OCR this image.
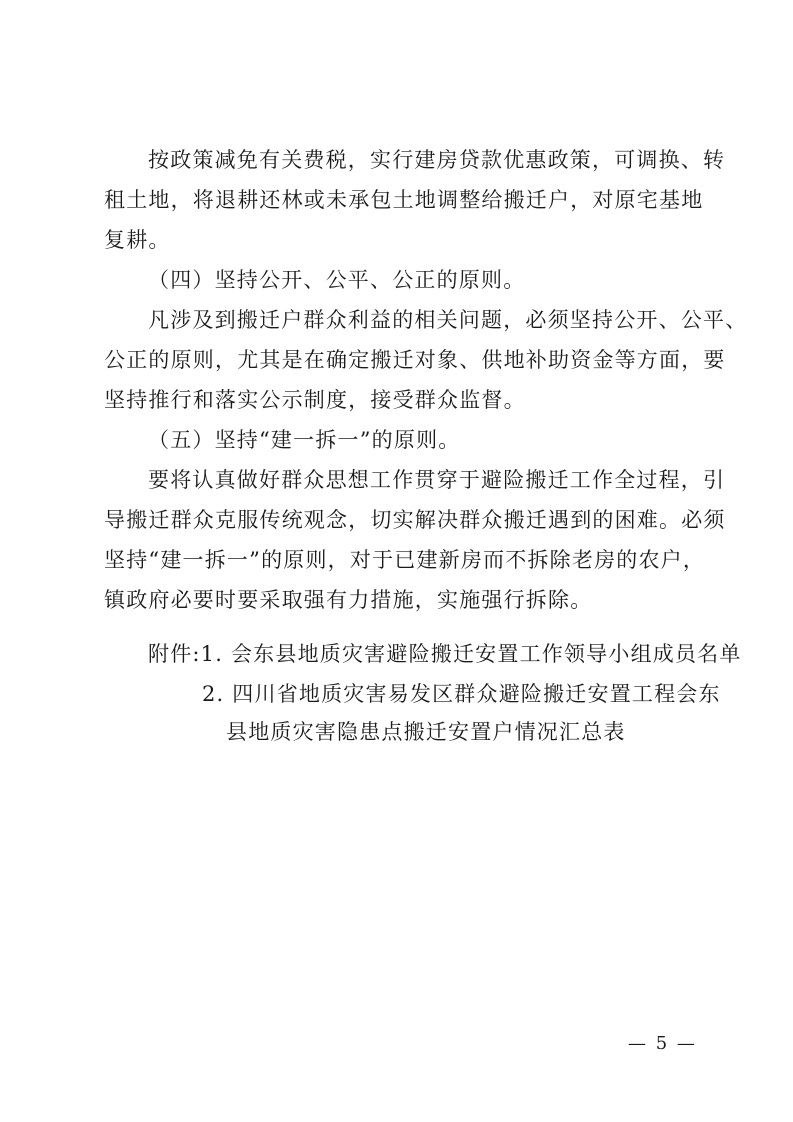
按政策减免有关费税，实行建房贷款优惠政策，可调换、转
租土地，将退耕还林或未承包土地调整给搬迁户，对原宅基地
复耕。
（四）坚持公开、公平、公正的原则。
凡涉及到搬迁户群众利益的相关问题，必须坚持公开、公平、
公正的原则，尤其是在确定搬迁对象、供地补助资金等方面，要
坚持推行和落实公示制度，接受群众监督。
（五）坚持“建一拆一”的原则。
要将认真做好群众思想工作贯穿于避险搬迁工作全过程，引
导搬迁群众克服传统观念，切实解决群众搬迁遇到的困难。必须
坚持“建一拆一”的原则，对于已建新房而不拆除老房的农户，
镇政府必要时要采取强有力措施，实施强行拆除。
附件:1. 会东县地质灾害避险搬迁安置工作领导小组成员名单
2. 四川省地质灾害易发区群众避险搬迁安置工程会东
县地质灾害隐患点搬迁安置户情况汇总表
— 5 —
